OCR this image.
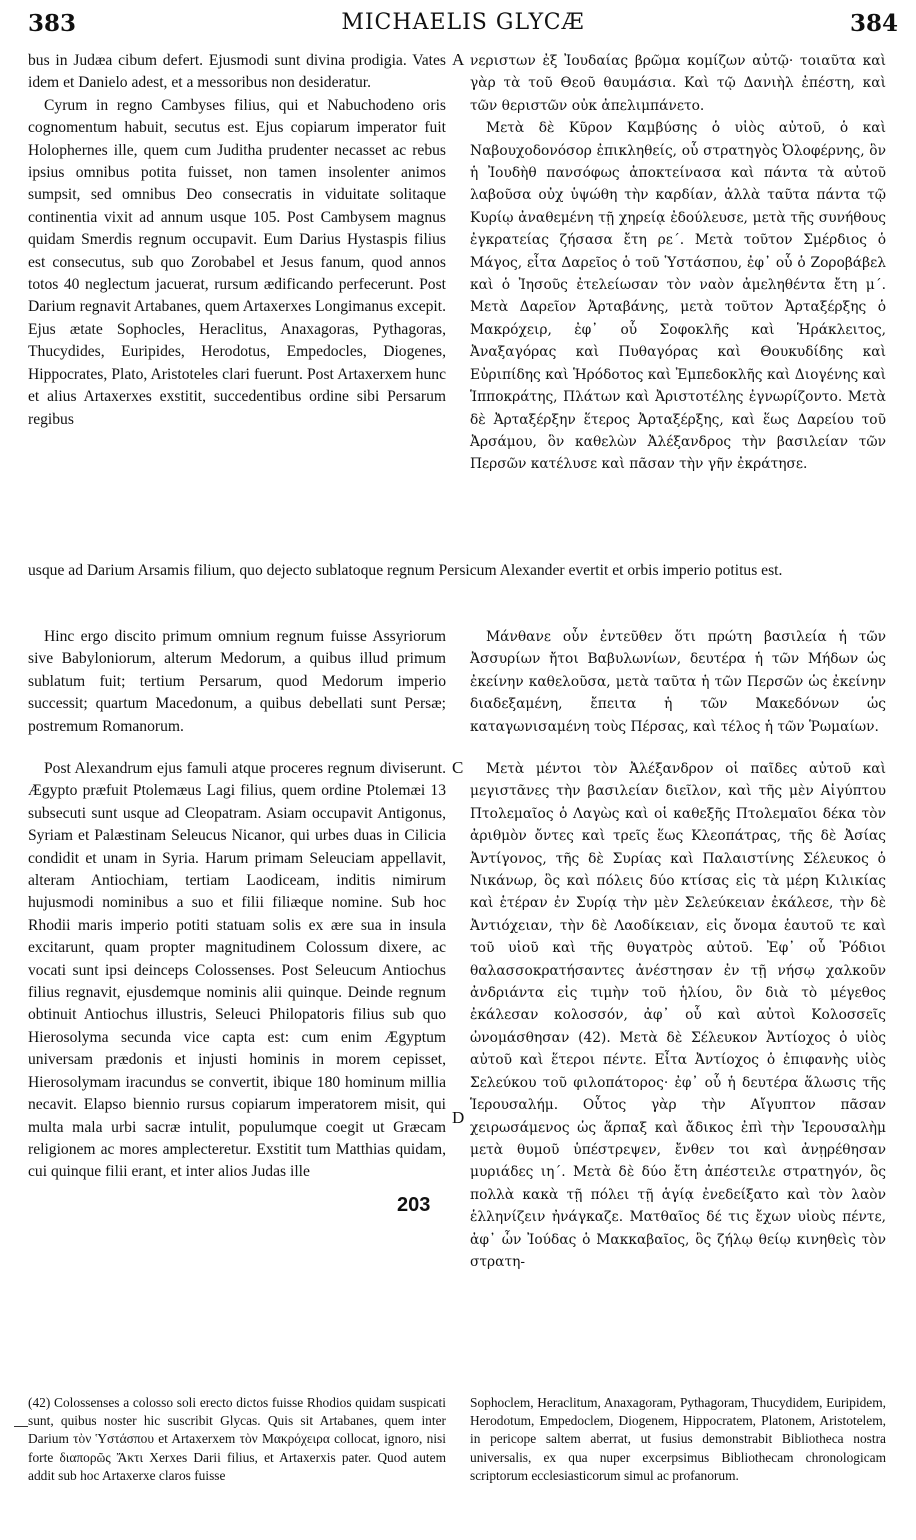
383	MICHAELIS GLYCÆ	384

bus in Judæa cibum defert. Ejusmodi sunt divina prodigia. Vates idem et Danielo adest, et a messoribus non desideratur.

Cyrum in regno Cambyses filius, qui et Nabuchodeno oris cognomentum habuit, secutus est. Ejus copiarum imperator fuit Holophernes ille, quem cum Juditha prudenter necasset ac rebus ipsius omnibus potita fuisset, non tamen insolenter animos sumpsit, sed omnibus Deo consecratis in viduitate solitaque continentia vixit ad annum usque 105. Post Cambysem magnus quidam Smerdis regnum occupavit. Eum Darius Hystaspis filius est consecutus, sub quo Zorobabel et Jesus fanum, quod annos totos 40 neglectum jacuerat, rursum ædificando perfecerunt. Post Darium regnavit Artabanes, quem Artaxerxes Longimanus excepit. Ejus ætate Sophocles, Heraclitus, Anaxagoras, Pythagoras, Thucydides, Euripides, Herodotus, Empedocles, Diogenes, Hippocrates, Plato, Aristoteles clari fuerunt. Post Artaxerxem hunc et alius Artaxerxes exstitit, succedentibus ordine sibi Persarum regibus

A νεριστων ἐξ Ἰουδαίας βρῶμα κομίζων αὐτῷ· τοιαῦτα καὶ γὰρ τὰ τοῦ Θεοῦ θαυμάσια. Καὶ τῷ Δανιὴλ ἐπέστη, καὶ τῶν θεριστῶν οὐκ ἀπελιμπάνετο.

Μετὰ δὲ Κῦρον Καμβύσης ὁ υἱὸς αὐτοῦ, ὁ καὶ Ναβουχοδονόσορ ἐπικληθείς, οὗ στρατηγὸς Ὀλοφέρνης, ὃν ἡ Ἰουδὴθ πανσόφως ἀποκτείνασα καὶ πάντα τὰ αὐτοῦ λαβοῦσα οὐχ ὑψώθη τὴν καρδίαν, ἀλλὰ ταῦτα πάντα τῷ Κυρίῳ ἀναθεμένη τῇ χηρείᾳ ἐδούλευσε, μετὰ τῆς συνήθους ἐγκρατείας ζήσασα ἔτη ρε΄. Μετὰ τοῦτον Σμέρδιος ὁ Μάγος, εἶτα Δαρεῖος ὁ τοῦ Ὑστάσπου, ἐφ᾽ οὗ ὁ Ζοροβάβελ καὶ ὁ Ἰησοῦς ἐτελείωσαν τὸν ναὸν ἀμεληθέντα ἔτη μ΄. Μετὰ Δαρεῖον Ἀρταβάνης, μετὰ τοῦτον Ἀρταξέρξης ὁ Μακρόχειρ, ἐφ᾽ οὗ Σοφοκλῆς καὶ Ἡράκλειτος, Ἀναξαγόρας καὶ Πυθαγόρας καὶ Θουκυδίδης καὶ Εὐριπίδης καὶ Ἡρόδοτος καὶ Ἐμπεδοκλῆς καὶ Διογένης καὶ Ἱπποκράτης, Πλάτων καὶ Ἀριστοτέλης ἐγνωρίζοντο. Μετὰ δὲ Ἀρταξέρξην ἕτερος Ἀρταξέρξης, καὶ ἕως Δαρείου τοῦ Ἀρσάμου, ὃν καθελὼν Ἀλέξανδρος τὴν βασιλείαν τῶν Περσῶν κατέλυσε καὶ πᾶσαν τὴν γῆν ἐκράτησε.

usque ad Darium Arsamis filium, quo dejecto sublatoque regnum Persicum Alexander evertit et orbis imperio potitus est.

Hinc ergo discito primum omnium regnum fuisse Assyriorum sive Babyloniorum, alterum Medorum, a quibus illud primum sublatum fuit; tertium Persarum, quod Medorum imperio successit; quartum Macedonum, a quibus debellati sunt Persæ; postremum Romanorum.

Μάνθανε οὖν ἐντεῦθεν ὅτι πρώτη βασιλεία ἡ τῶν Ἀσσυρίων ἤτοι Βαβυλωνίων, δευτέρα ἡ τῶν Μήδων ὡς ἐκείνην καθελοῦσα, μετὰ ταῦτα ἡ τῶν Περσῶν ὡς ἐκείνην διαδεξαμένη, ἔπειτα ἡ τῶν Μακεδόνων ὡς καταγωνισαμένη τοὺς Πέρσας, καὶ τέλος ἡ τῶν Ῥωμαίων.

Post Alexandrum ejus famuli atque proceres regnum diviserunt. Ægypto præfuit Ptolemæus Lagi filius, quem ordine Ptolemæi 13 subsecuti sunt usque ad Cleopatram. Asiam occupavit Antigonus, Syriam et Palæstinam Seleucus Nicanor, qui urbes duas in Cilicia condidit et unam in Syria. Harum primam Seleuciam appellavit, alteram Antiochiam, tertiam Laodiceam, inditis nimirum hujusmodi nominibus a suo et filii filiæque nomine. Sub hoc Rhodii maris imperio potiti statuam solis ex ære sua in insula excitarunt, quam propter magnitudinem Colossum dixere, ac vocati sunt ipsi deinceps Colossenses. Post Seleucum Antiochus filius regnavit, ejusdemque nominis alii quinque. Deinde regnum obtinuit Antiochus illustris, Seleuci Philopatoris filius sub quo Hierosolyma secunda vice capta est: cum enim Ægyptum universam prædonis et injusti hominis in morem cepisset, Hierosolymam iracundus se convertit, ibique 180 hominum millia necavit. Elapso biennio rursus copiarum imperatorem misit, qui multa mala urbi sacræ intulit, populumque coegit ut Græcam religionem ac mores amplecteretur. Exstitit tum Matthias quidam, cui quinque filii erant, et inter alios Judas ille

C
D
203

Μετὰ μέντοι τὸν Ἀλέξανδρον οἱ παῖδες αὐτοῦ καὶ μεγιστᾶνες τὴν βασιλείαν διεῖλον, καὶ τῆς μὲν Αἰγύπτου Πτολεμαῖος ὁ Λαγὼς καὶ οἱ καθεξῆς Πτολεμαῖοι δέκα τὸν ἀριθμὸν ὄντες καὶ τρεῖς ἕως Κλεοπάτρας, τῆς δὲ Ἀσίας Ἀντίγονος, τῆς δὲ Συρίας καὶ Παλαιστίνης Σέλευκος ὁ Νικάνωρ, ὃς καὶ πόλεις δύο κτίσας εἰς τὰ μέρη Κιλικίας καὶ ἑτέραν ἐν Συρίᾳ τὴν μὲν Σελεύκειαν ἐκάλεσε, τὴν δὲ Ἀντιόχειαν, τὴν δὲ Λαοδίκειαν, εἰς ὄνομα ἑαυτοῦ τε καὶ τοῦ υἱοῦ καὶ τῆς θυγατρὸς αὐτοῦ. Ἐφ᾽ οὗ Ῥόδιοι θαλασσοκρατήσαντες ἀνέστησαν ἐν τῇ νήσῳ χαλκοῦν ἀνδριάντα εἰς τιμὴν τοῦ ἡλίου, ὃν διὰ τὸ μέγεθος ἐκάλεσαν κολοσσόν, ἀφ᾽ οὗ καὶ αὐτοὶ Κολοσσεῖς ὠνομάσθησαν (42). Μετὰ δὲ Σέλευκον Ἀντίοχος ὁ υἱὸς αὐτοῦ καὶ ἕτεροι πέντε. Εἶτα Ἀντίοχος ὁ ἐπιφανὴς υἱὸς Σελεύκου τοῦ φιλοπάτορος· ἐφ᾽ οὗ ἡ δευτέρα ἅλωσις τῆς Ἱερουσαλήμ. Οὗτος γὰρ τὴν Αἴγυπτον πᾶσαν χειρωσάμενος ὡς ἅρπαξ καὶ ἄδικος ἐπὶ τὴν Ἱερουσαλὴμ μετὰ θυμοῦ ὑπέστρεψεν, ἔνθεν τοι καὶ ἀνῃρέθησαν μυριάδες ιη΄. Μετὰ δὲ δύο ἔτη ἀπέστειλε στρατηγόν, ὃς πολλὰ κακὰ τῇ πόλει τῇ ἁγίᾳ ἐνεδείξατο καὶ τὸν λαὸν ἑλληνίζειν ἠνάγκαζε. Ματθαῖος δέ τις ἔχων υἱοὺς πέντε, ἀφ᾽ ὧν Ἰούδας ὁ Μακκαβαῖος, ὃς ζήλῳ θείῳ κινηθεὶς τὸν στρατη-

(42) Colossenses a colosso soli erecto dictos fuisse Rhodios quidam suspicati sunt, quibus noster hic suscribit Glycas. Quis sit Artabanes, quem inter Darium τὸν Ὑστάσπου et Artaxerxem τὸν Μακρόχειρα collocat, ignoro, nisi forte διαπορῶς Ἄκτι Xerxes Darii filius, et Artaxerxis pater. Quod autem addit sub hoc Artaxerxe claros fuisse
Sophoclem, Heraclitum, Anaxagoram, Pythagoram, Thucydidem, Euripidem, Herodotum, Empedoclem, Diogenem, Hippocratem, Platonem, Aristotelem, in pericope saltem aberrat, ut fusius demonstrabit Bibliotheca nostra universalis, ex qua nuper excerpsimus Bibliothecam chronologicam scriptorum ecclesiasticorum simul ac profanorum.
